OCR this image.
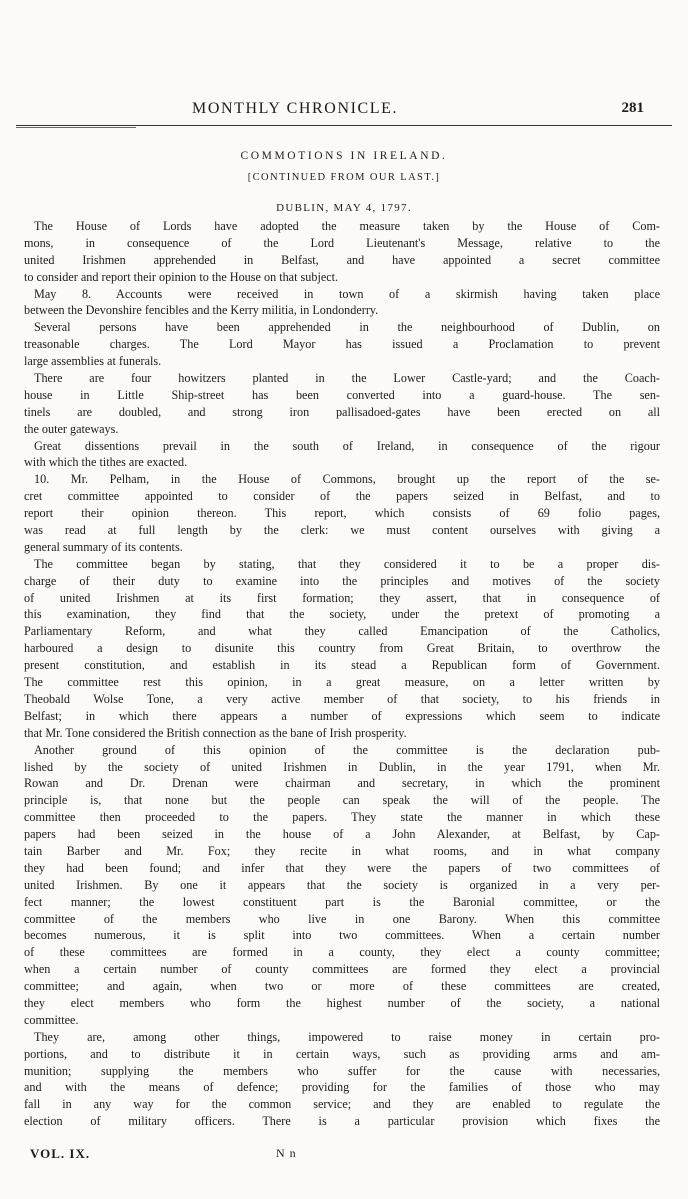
MONTHLY CHRONICLE.	281
COMMOTIONS IN IRELAND.
[CONTINUED FROM OUR LAST.]
DUBLIN, MAY 4, 1797.
The House of Lords have adopted the measure taken by the House of Com-
mons, in consequence of the Lord Lieutenant's Message, relative to the
united Irishmen apprehended in Belfast, and have appointed a secret committee
to consider and report their opinion to the House on that subject.
May 8. Accounts were received in town of a skirmish having taken place
between the Devonshire fencibles and the Kerry militia, in Londonderry.
Several persons have been apprehended in the neighbourhood of Dublin, on
treasonable charges. The Lord Mayor has issued a Proclamation to prevent
large assemblies at funerals.
There are four howitzers planted in the Lower Castle-yard; and the Coach-
house in Little Ship-street has been converted into a guard-house. The sen-
tinels are doubled, and strong iron pallisadoed-gates have been erected on all
the outer gateways.
Great dissentions prevail in the south of Ireland, in consequence of the rigour
with which the tithes are exacted.
10. Mr. Pelham, in the House of Commons, brought up the report of the se-
cret committee appointed to consider of the papers seized in Belfast, and to
report their opinion thereon. This report, which consists of 69 folio pages,
was read at full length by the clerk: we must content ourselves with giving a
general summary of its contents.
The committee began by stating, that they considered it to be a proper dis-
charge of their duty to examine into the principles and motives of the society
of united Irishmen at its first formation; they assert, that in consequence of
this examination, they find that the society, under the pretext of promoting a
Parliamentary Reform, and what they called Emancipation of the Catholics,
harboured a design to disunite this country from Great Britain, to overthrow the
present constitution, and establish in its stead a Republican form of Government.
The committee rest this opinion, in a great measure, on a letter written by
Theobald Wolse Tone, a very active member of that society, to his friends in
Belfast; in which there appears a number of expressions which seem to indicate
that Mr. Tone considered the British connection as the bane of Irish prosperity.
Another ground of this opinion of the committee is the declaration pub-
lished by the society of united Irishmen in Dublin, in the year 1791, when Mr.
Rowan and Dr. Drenan were chairman and secretary, in which the prominent
principle is, that none but the people can speak the will of the people. The
committee then proceeded to the papers. They state the manner in which these
papers had been seized in the house of a John Alexander, at Belfast, by Cap-
tain Barber and Mr. Fox; they recite in what rooms, and in what company
they had been found; and infer that they were the papers of two committees of
united Irishmen. By one it appears that the society is organized in a very per-
fect manner; the lowest constituent part is the Baronial committee, or the
committee of the members who live in one Barony. When this committee
becomes numerous, it is split into two committees. When a certain number
of these committees are formed in a county, they elect a county committee;
when a certain number of county committees are formed they elect a provincial
committee; and again, when two or more of these committees are created,
they elect members who form the highest number of the society, a national
committee.
They are, among other things, impowered to raise money in certain pro-
portions, and to distribute it in certain ways, such as providing arms and am-
munition; supplying the members who suffer for the cause with necessaries,
and with the means of defence; providing for the families of those who may
fall in any way for the common service; and they are enabled to regulate the
election of military officers. There is a particular provision which fixes the
VOL. IX.	N n
